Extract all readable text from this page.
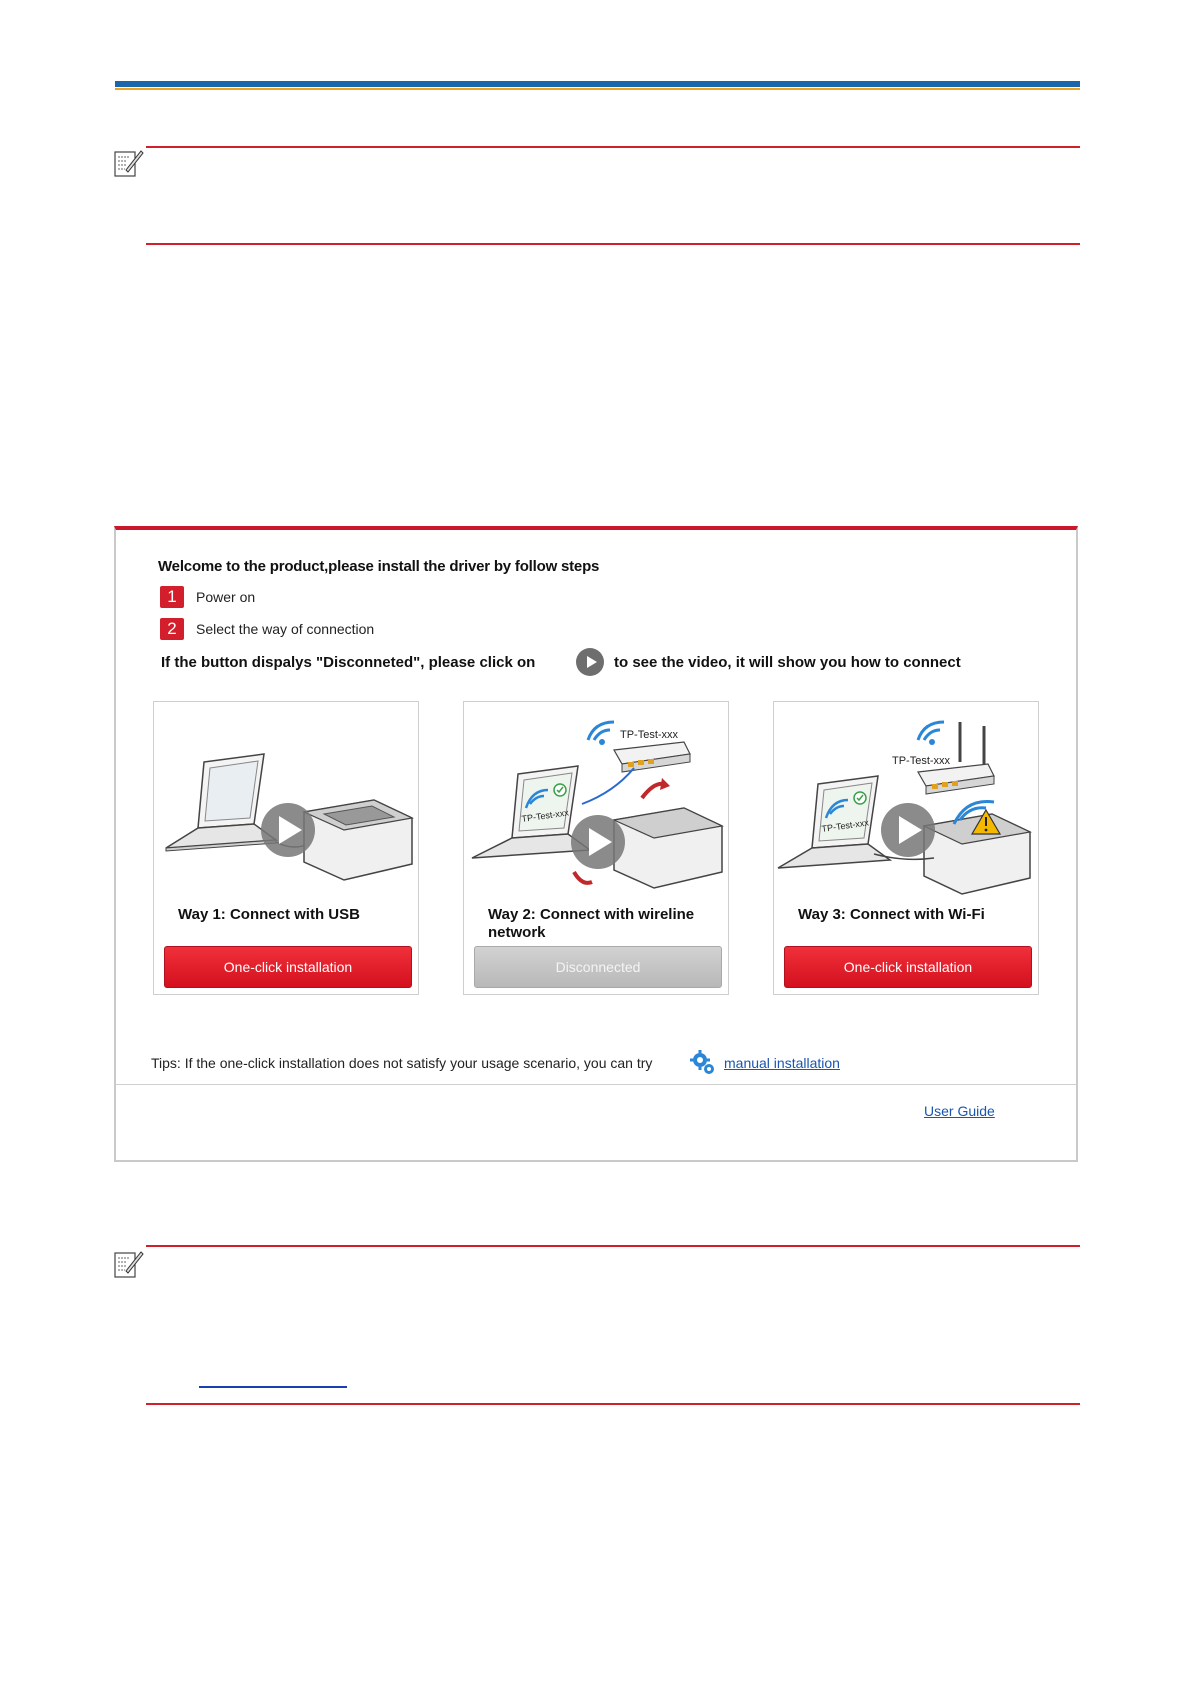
Welcome to the product,please install the driver by follow steps
1	Power on
2	Select the way of connection
If the button dispalys "Disconneted", please click on	to see the video, it will show you how to connect
Way 1: Connect with USB
One-click installation
TP-Test-xxx
TP-Test-xxx
Way 2: Connect with wireline network
Disconnected
TP-Test-xxx
TP-Test-xxx
Way 3: Connect with Wi-Fi
One-click installation
Tips: If the one-click installation does not satisfy your usage scenario, you can try	manual installation
User Guide
